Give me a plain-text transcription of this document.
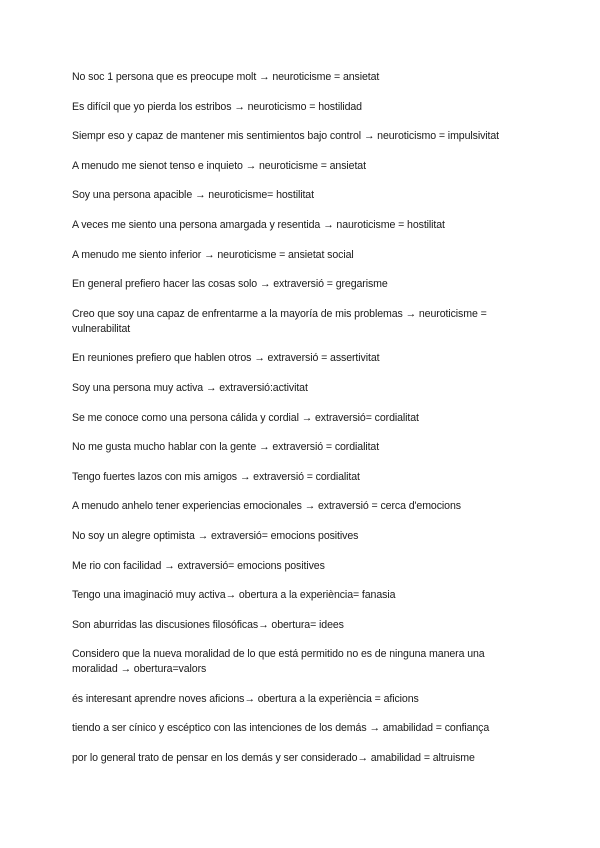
No soc 1 persona que es preocupe molt → neuroticisme = ansietat

Es difícil que yo pierda los estribos → neuroticismo = hostilidad

Siempr eso y capaz de mantener mis sentimientos bajo control → neuroticismo = impulsivitat

A menudo me sienot tenso e inquieto → neuroticisme = ansietat

Soy una persona apacible → neuroticisme= hostilitat

A veces me siento una persona amargada y resentida → nauroticisme = hostilitat

A menudo me siento inferior → neuroticisme = ansietat social

En general prefiero hacer las cosas solo → extraversió = gregarisme

Creo que soy una capaz de enfrentarme a la mayoría de mis problemas → neuroticisme = vulnerabilitat

En reuniones prefiero que hablen otros → extraversió = assertivitat

Soy una persona muy activa → extraversió:activitat

Se me conoce como una persona cálida y cordial → extraversió= cordialitat

No me gusta mucho hablar con la gente → extraversió = cordialitat

Tengo fuertes lazos con mis amigos → extraversió = cordialitat

A menudo anhelo tener experiencias emocionales → extraversió = cerca d'emocions

No soy un alegre optimista → extraversió= emocions positives

Me rio con facilidad → extraversió= emocions positives

Tengo una imaginació muy activa→ obertura a la experiència= fanasia

Son aburridas las discusiones filosóficas→ obertura= idees

Considero que la nueva moralidad de lo que está permitido no es de ninguna manera una moralidad → obertura=valors

és interesant aprendre noves aficions→ obertura a la experiència = aficions

tiendo a ser cínico y escéptico con las intenciones de los demás → amabilidad = confiança

por lo general trato de pensar en los demás y ser considerado→ amabilidad = altruisme
